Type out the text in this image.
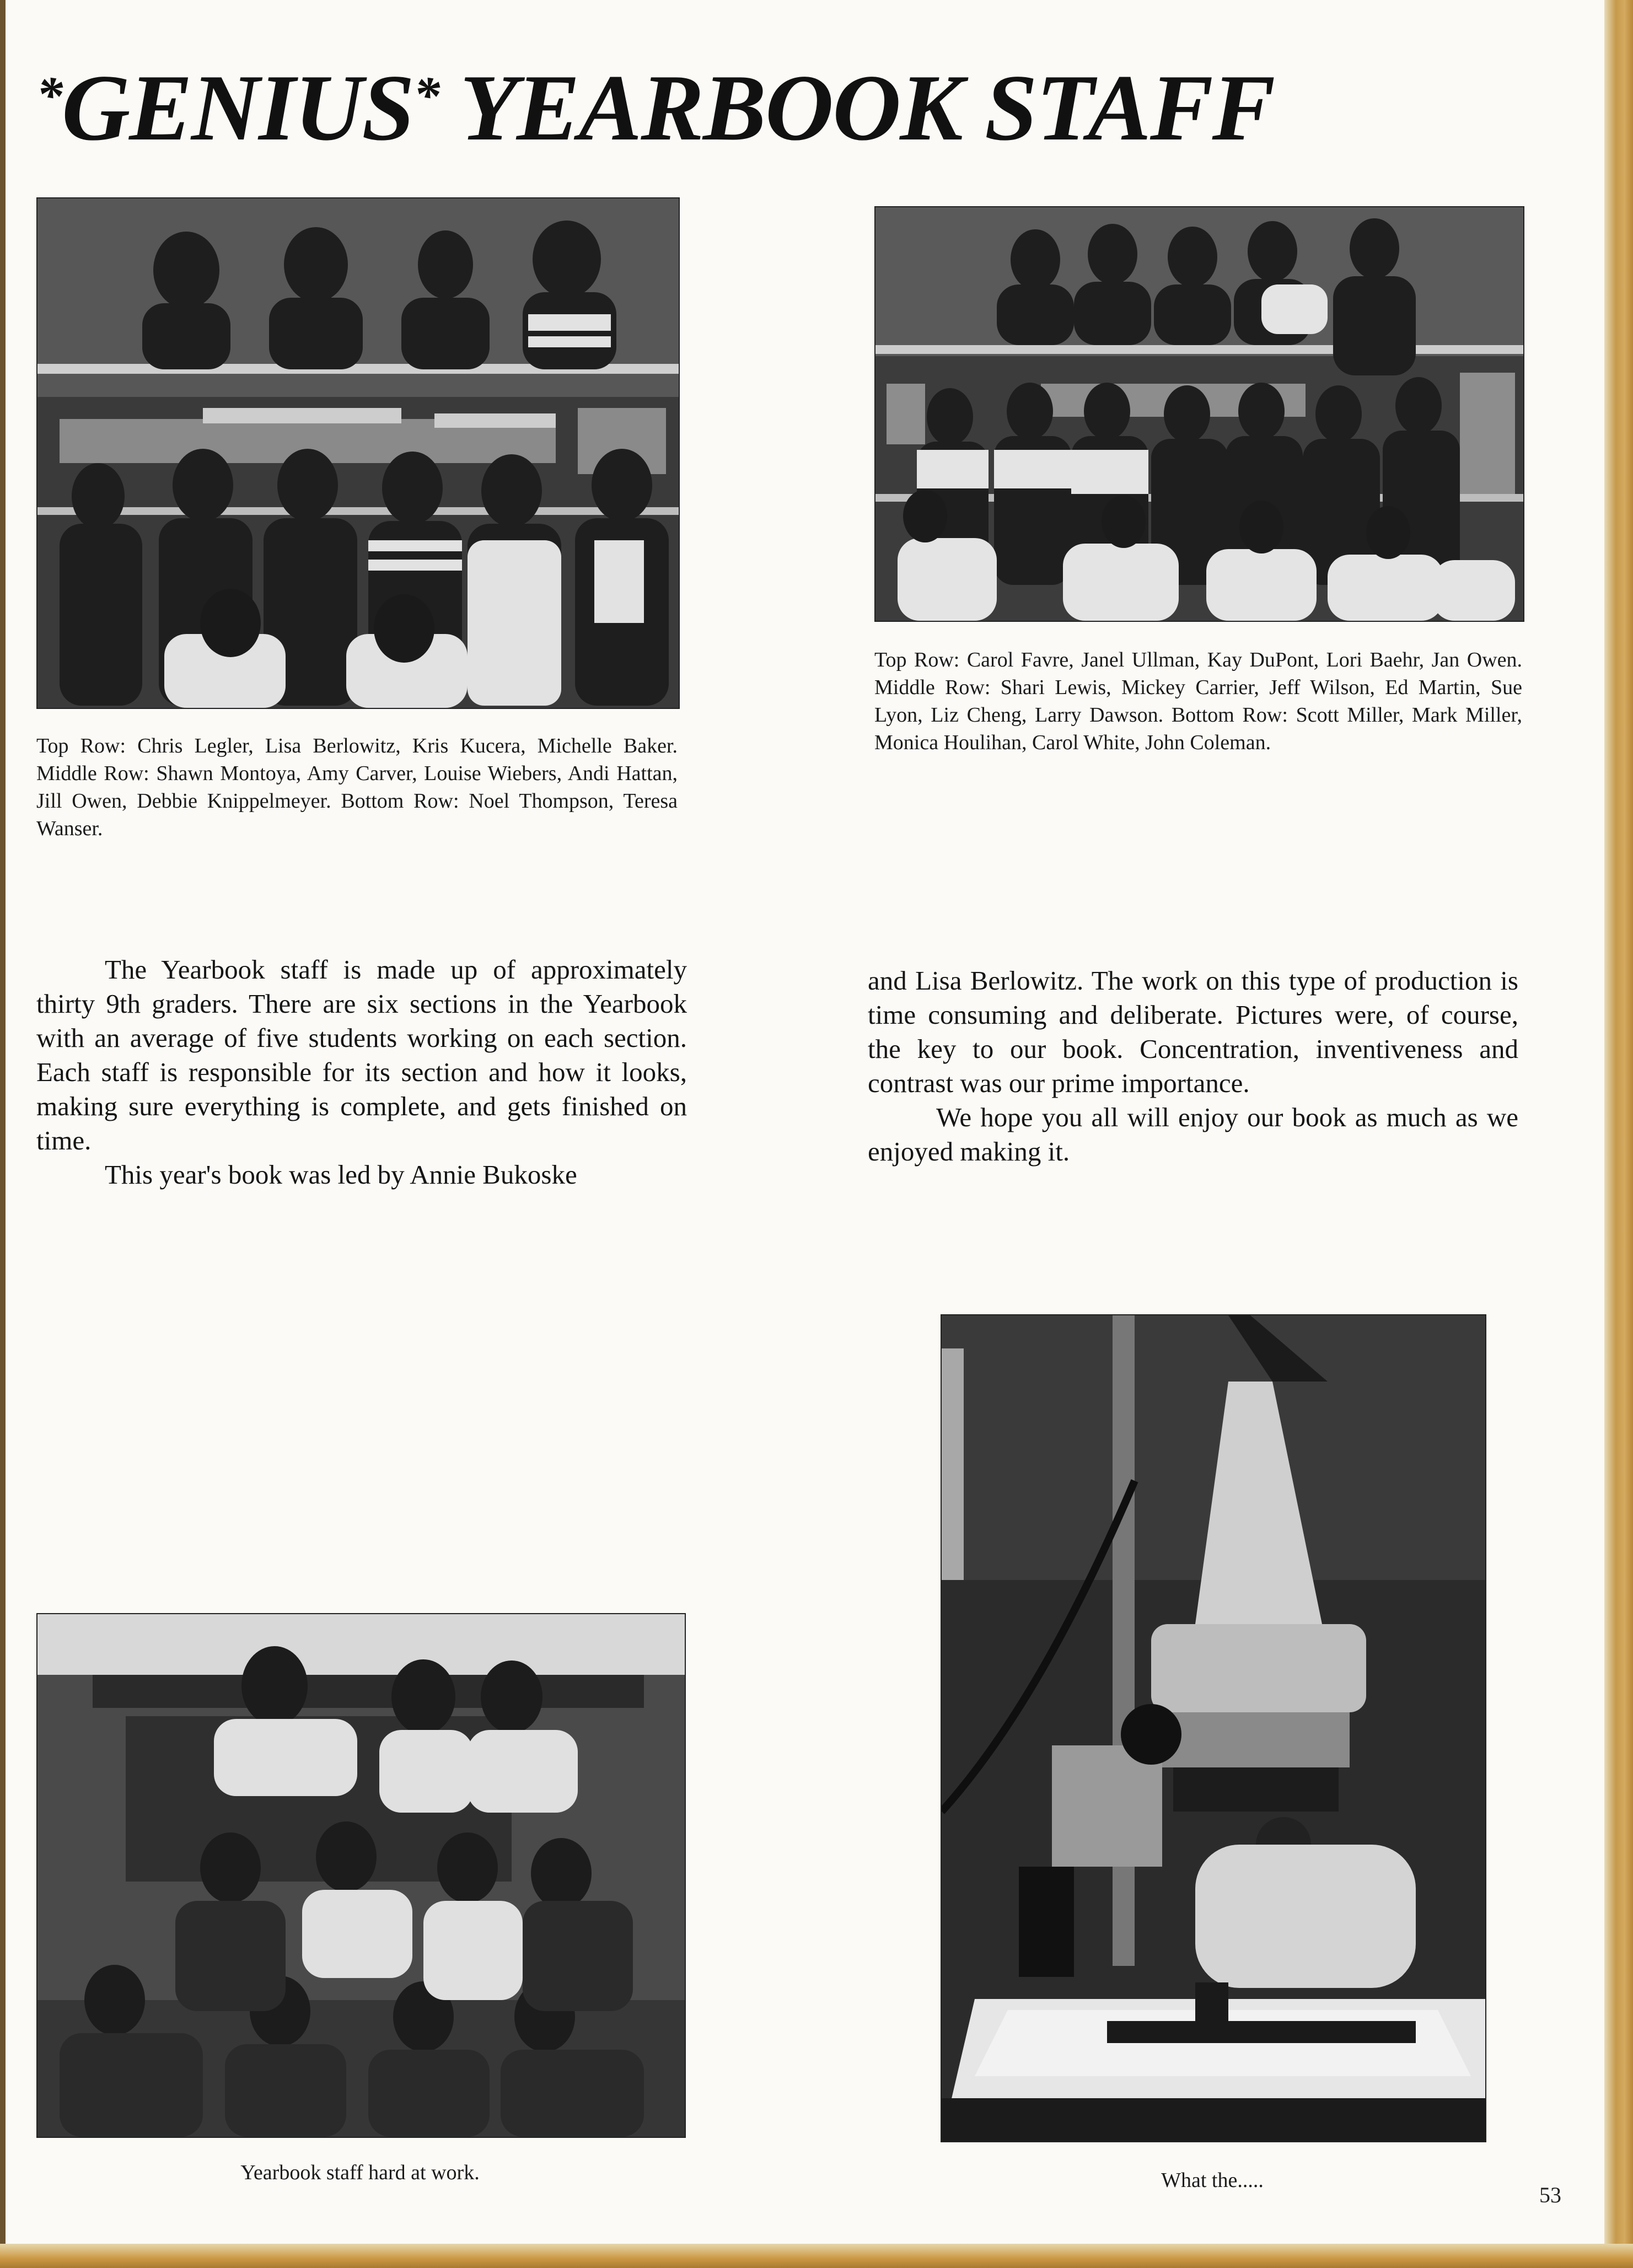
*GENIUS* YEARBOOK STAFF
Top Row: Chris Legler, Lisa Berlowitz, Kris Kucera, Michelle Baker. Middle Row: Shawn Montoya, Amy Carver, Louise Wiebers, Andi Hattan, Jill Owen, Debbie Knippelmeyer. Bottom Row: Noel Thompson, Teresa Wanser.
Top Row: Carol Favre, Janel Ullman, Kay DuPont, Lori Baehr, Jan Owen. Middle Row: Shari Lewis, Mickey Carrier, Jeff Wilson, Ed Martin, Sue Lyon, Liz Cheng, Larry Dawson. Bottom Row: Scott Miller, Mark Miller, Monica Houlihan, Carol White, John Coleman.

The Yearbook staff is made up of approximately thirty 9th graders. There are six sections in the Yearbook with an average of five students working on each section. Each staff is responsible for its section and how it looks, making sure everything is complete, and gets finished on time.

This year's book was led by Annie Bukoske

and Lisa Berlowitz. The work on this type of production is time consuming and deliberate. Pictures were, of course, the key to our book. Concentration, inventiveness and contrast was our prime importance.

We hope you all will enjoy our book as much as we enjoyed making it.

Yearbook staff hard at work.	What the.....
53
